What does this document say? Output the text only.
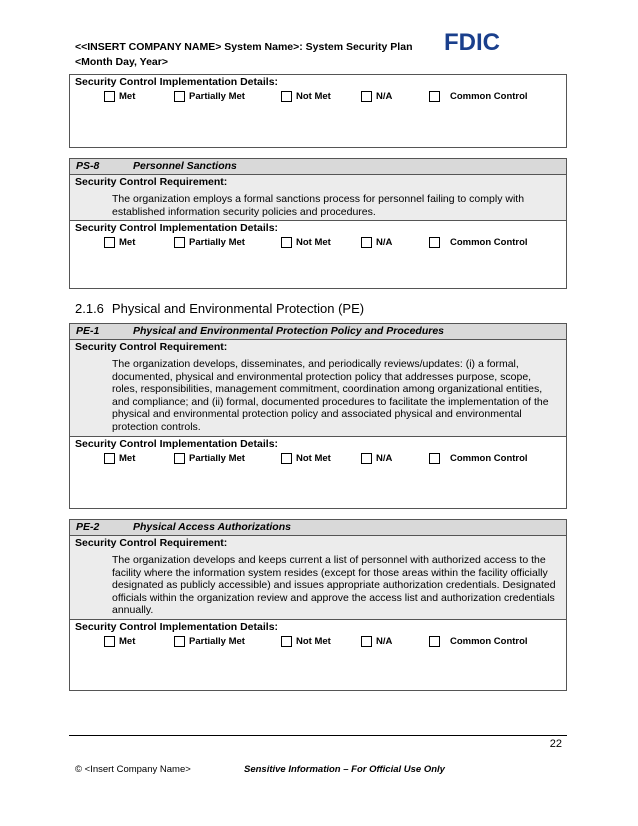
<<INSERT COMPANY NAME> System Name>: System Security Plan
<Month Day, Year>
FDIC
Security Control Implementation Details:
Met	Partially Met	Not Met	N/A	Common Control
PS-8	Personnel Sanctions
Security Control Requirement:
The organization employs a formal sanctions process for personnel failing to comply with established information security policies and procedures.
Security Control Implementation Details:
Met	Partially Met	Not Met	N/A	Common Control
2.1.6 Physical and Environmental Protection (PE)
PE-1	Physical and Environmental Protection Policy and Procedures
Security Control Requirement:
The organization develops, disseminates, and periodically reviews/updates: (i) a formal, documented, physical and environmental protection policy that addresses purpose, scope, roles, responsibilities, management commitment, coordination among organizational entities, and compliance; and (ii) formal, documented procedures to facilitate the implementation of the physical and environmental protection policy and associated physical and environmental protection controls.
Security Control Implementation Details:
Met	Partially Met	Not Met	N/A	Common Control
PE-2	Physical Access Authorizations
Security Control Requirement:
The organization develops and keeps current a list of personnel with authorized access to the facility where the information system resides (except for those areas within the facility officially designated as publicly accessible) and issues appropriate authorization credentials. Designated officials within the organization review and approve the access list and authorization credentials annually.
Security Control Implementation Details:
Met	Partially Met	Not Met	N/A	Common Control
22
© <Insert Company Name>	Sensitive Information – For Official Use Only
